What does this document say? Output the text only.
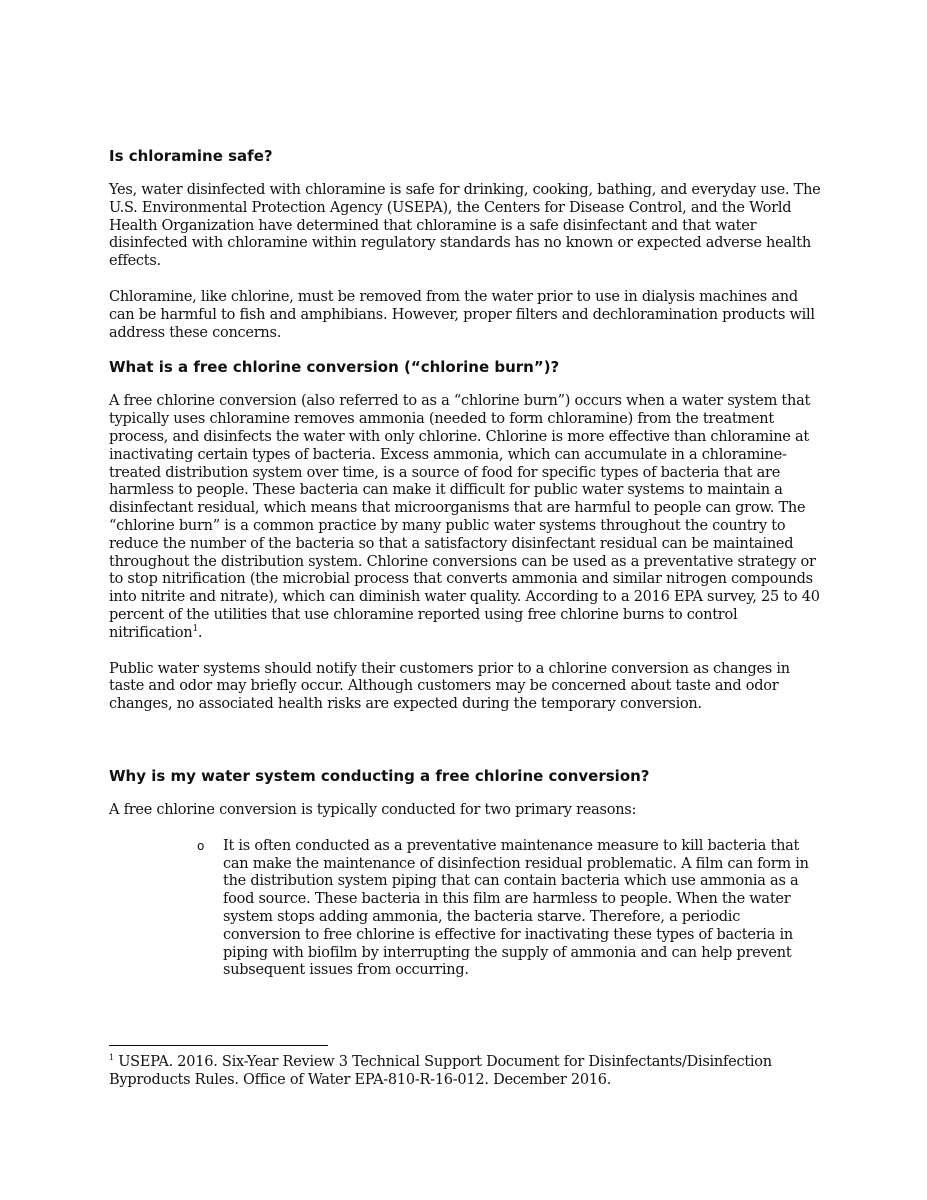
Is chloramine safe?

Yes, water disinfected with chloramine is safe for drinking, cooking, bathing, and everyday use. The U.S. Environmental Protection Agency (USEPA), the Centers for Disease Control, and the World Health Organization have determined that chloramine is a safe disinfectant and that water disinfected with chloramine within regulatory standards has no known or expected adverse health effects.

Chloramine, like chlorine, must be removed from the water prior to use in dialysis machines and can be harmful to fish and amphibians. However, proper filters and dechloramination products will address these concerns.

What is a free chlorine conversion (“chlorine burn”)?

A free chlorine conversion (also referred to as a “chlorine burn”) occurs when a water system that typically uses chloramine removes ammonia (needed to form chloramine) from the treatment process, and disinfects the water with only chlorine. Chlorine is more effective than chloramine at inactivating certain types of bacteria. Excess ammonia, which can accumulate in a chloramine-treated distribution system over time, is a source of food for specific types of bacteria that are harmless to people. These bacteria can make it difficult for public water systems to maintain a disinfectant residual, which means that microorganisms that are harmful to people can grow. The “chlorine burn” is a common practice by many public water systems throughout the country to reduce the number of the bacteria so that a satisfactory disinfectant residual can be maintained throughout the distribution system. Chlorine conversions can be used as a preventative strategy or to stop nitrification (the microbial process that converts ammonia and similar nitrogen compounds into nitrite and nitrate), which can diminish water quality. According to a 2016 EPA survey, 25 to 40 percent of the utilities that use chloramine reported using free chlorine burns to control nitrification$^1$.

Public water systems should notify their customers prior to a chlorine conversion as changes in taste and odor may briefly occur. Although customers may be concerned about taste and odor changes, no associated health risks are expected during the temporary conversion.

Why is my water system conducting a free chlorine conversion?

A free chlorine conversion is typically conducted for two primary reasons:

o It is often conducted as a preventative maintenance measure to kill bacteria that can make the maintenance of disinfection residual problematic. A film can form in the distribution system piping that can contain bacteria which use ammonia as a food source. These bacteria in this film are harmless to people. When the water system stops adding ammonia, the bacteria starve. Therefore, a periodic conversion to free chlorine is effective for inactivating these types of bacteria in piping with biofilm by interrupting the supply of ammonia and can help prevent subsequent issues from occurring.

$^1$ USEPA. 2016. Six-Year Review 3 Technical Support Document for Disinfectants/Disinfection Byproducts Rules. Office of Water EPA-810-R-16-012. December 2016.
